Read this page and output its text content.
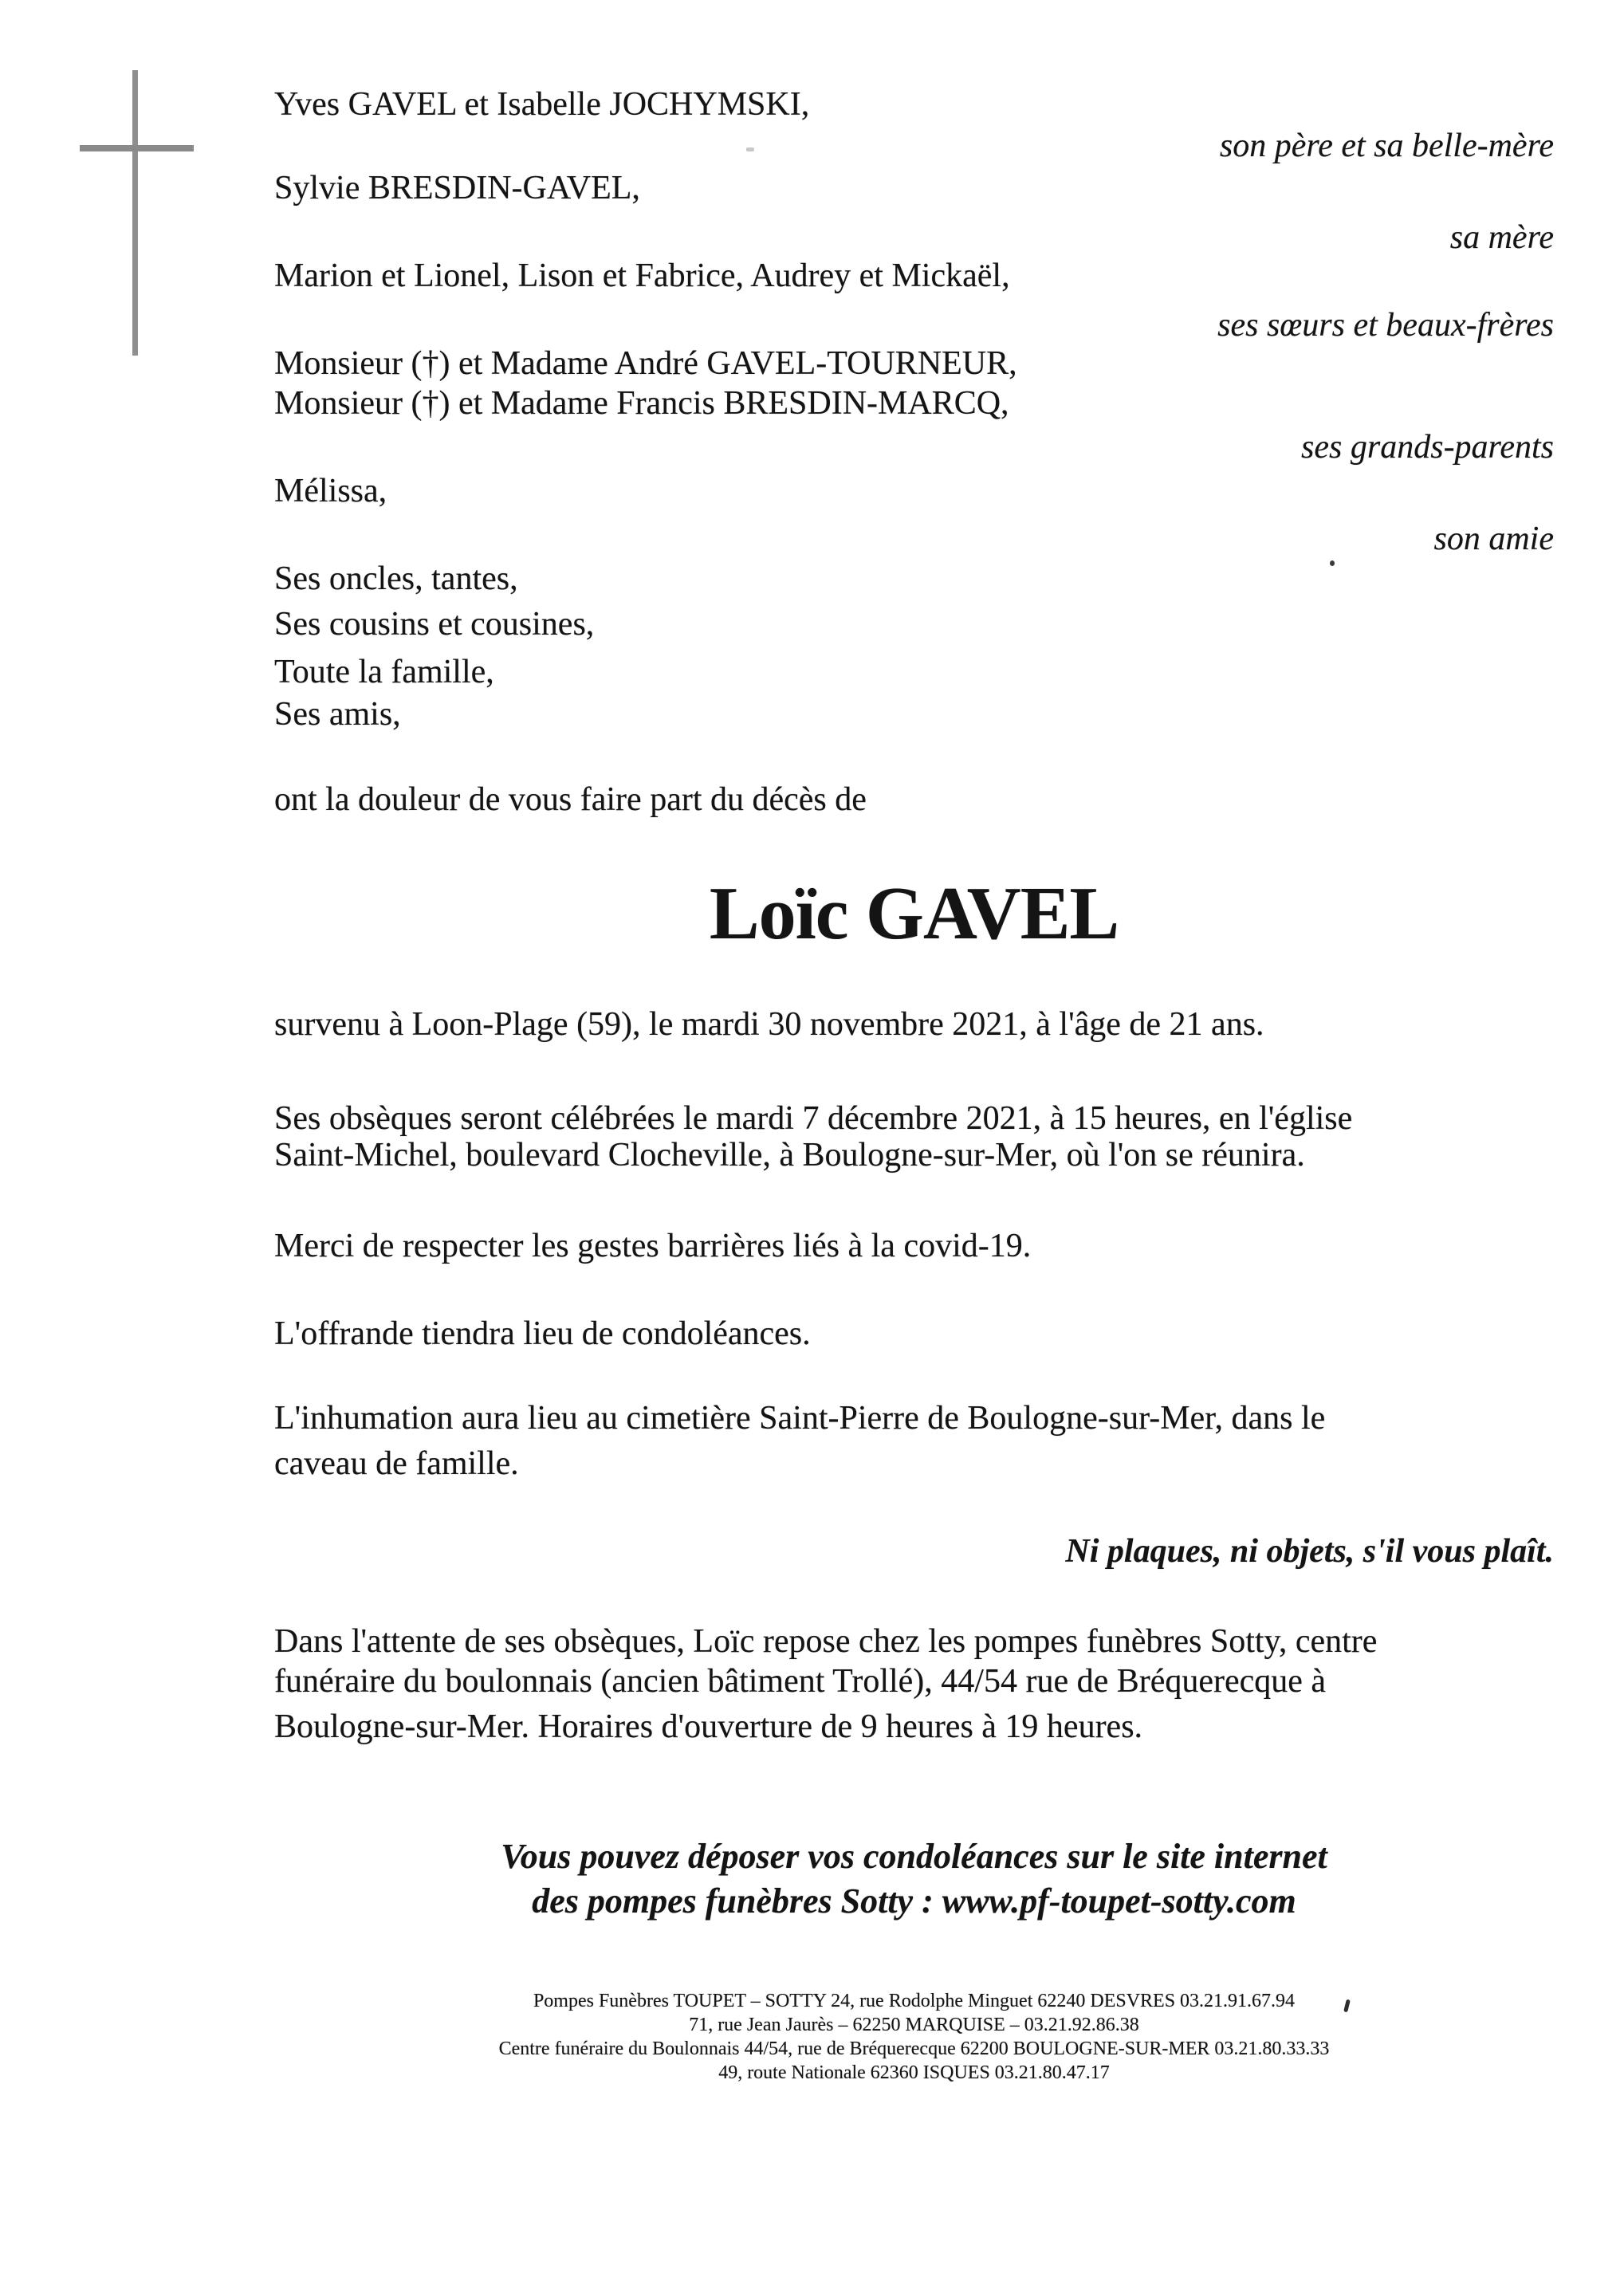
Yves GAVEL et Isabelle JOCHYMSKI,
Sylvie BRESDIN-GAVEL,
Marion et Lionel, Lison et Fabrice, Audrey et Mickaël,
Monsieur (†) et Madame André GAVEL-TOURNEUR,
Monsieur (†) et Madame Francis BRESDIN-MARCQ,
Mélissa,
Ses oncles, tantes,
Ses cousins et cousines,
Toute la famille,
Ses amis,
son père et sa belle-mère
sa mère
ses sœurs et beaux-frères
ses grands-parents
son amie
ont la douleur de vous faire part du décès de
Loïc GAVEL
survenu à Loon-Plage (59), le mardi 30 novembre 2021, à l'âge de 21 ans.
Ses obsèques seront célébrées le mardi 7 décembre 2021, à 15 heures, en l'église
Saint-Michel, boulevard Clocheville, à Boulogne-sur-Mer, où l'on se réunira.
Merci de respecter les gestes barrières liés à la covid-19.
L'offrande tiendra lieu de condoléances.
L'inhumation aura lieu au cimetière Saint-Pierre de Boulogne-sur-Mer, dans le
caveau de famille.
Ni plaques, ni objets, s'il vous plaît.
Dans l'attente de ses obsèques, Loïc repose chez les pompes funèbres Sotty, centre
funéraire du boulonnais (ancien bâtiment Trollé), 44/54 rue de Bréquerecque à
Boulogne-sur-Mer. Horaires d'ouverture de 9 heures à 19 heures.
Vous pouvez déposer vos condoléances sur le site internet
des pompes funèbres Sotty : www.pf-toupet-sotty.com
Pompes Funèbres TOUPET – SOTTY 24, rue Rodolphe Minguet 62240 DESVRES 03.21.91.67.94
71, rue Jean Jaurès – 62250 MARQUISE – 03.21.92.86.38
Centre funéraire du Boulonnais 44/54, rue de Bréquerecque 62200 BOULOGNE-SUR-MER 03.21.80.33.33
49, route Nationale 62360 ISQUES 03.21.80.47.17
